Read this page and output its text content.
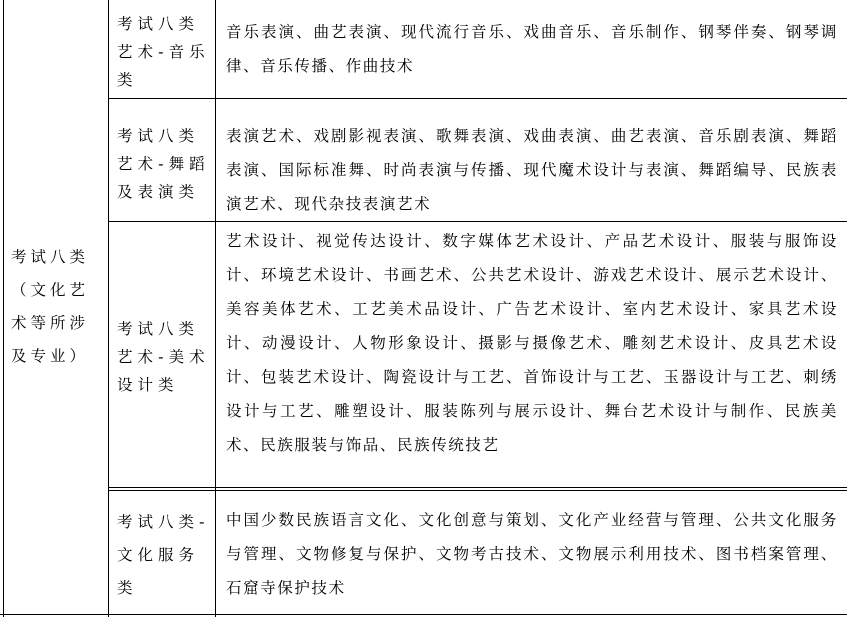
考试八类（文化艺术等所涉及专业）

考试八类艺术-音乐类

音乐表演、曲艺表演、现代流行音乐、戏曲音乐、音乐制作、钢琴伴奏、钢琴调律、音乐传播、作曲技术

考试八类艺术-舞蹈及表演类

表演艺术、戏剧影视表演、歌舞表演、戏曲表演、曲艺表演、音乐剧表演、舞蹈表演、国际标准舞、时尚表演与传播、现代魔术设计与表演、舞蹈编导、民族表演艺术、现代杂技表演艺术

考试八类艺术-美术设计类

艺术设计、视觉传达设计、数字媒体艺术设计、产品艺术设计、服装与服饰设计、环境艺术设计、书画艺术、公共艺术设计、游戏艺术设计、展示艺术设计、美容美体艺术、工艺美术品设计、广告艺术设计、室内艺术设计、家具艺术设计、动漫设计、人物形象设计、摄影与摄像艺术、雕刻艺术设计、皮具艺术设计、包装艺术设计、陶瓷设计与工艺、首饰设计与工艺、玉器设计与工艺、刺绣设计与工艺、雕塑设计、服装陈列与展示设计、舞台艺术设计与制作、民族美术、民族服装与饰品、民族传统技艺

考试八类-文化服务类

中国少数民族语言文化、文化创意与策划、文化产业经营与管理、公共文化服务与管理、文物修复与保护、文物考古技术、文物展示利用技术、图书档案管理、石窟寺保护技术
